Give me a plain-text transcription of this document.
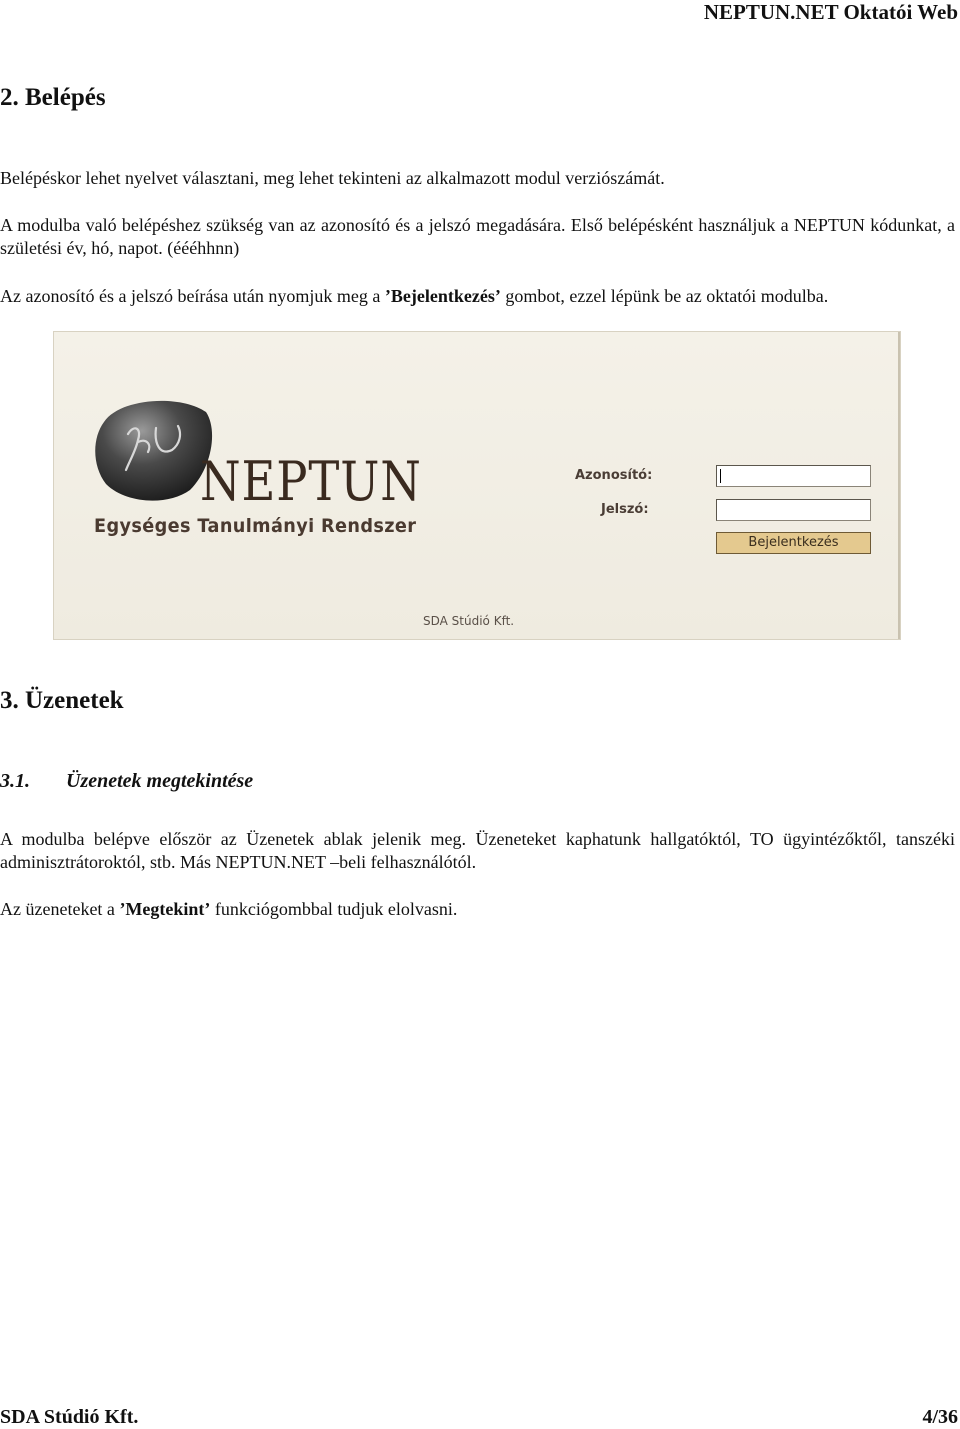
NEPTUN.NET Oktatói Web
2. Belépés

Belépéskor lehet nyelvet választani, meg lehet tekinteni az alkalmazott modul verziószámát.

A modulba való belépéshez szükség van az azonosító és a jelszó megadására. Első belépésként használjuk a NEPTUN kódunkat, a születési év, hó, napot. (éééhhnn)

Az azonosító és a jelszó beírása után nyomjuk meg a ’Bejelentkezés’ gombot, ezzel lépünk be az oktatói modulba.

NEPTUN
Egységes Tanulmányi Rendszer
Azonosító:
Jelszó:
Bejelentkezés
SDA Stúdió Kft.
3. Üzenetek
3.1. Üzenetek megtekintése

A modulba belépve először az Üzenetek ablak jelenik meg. Üzeneteket kaphatunk hallgatóktól, TO ügyintézőktől, tanszéki adminisztrátoroktól, stb. Más NEPTUN.NET –beli felhasználótól.

Az üzeneteket a ’Megtekint’ funkciógombbal tudjuk elolvasni.

SDA Stúdió Kft.	4/36
